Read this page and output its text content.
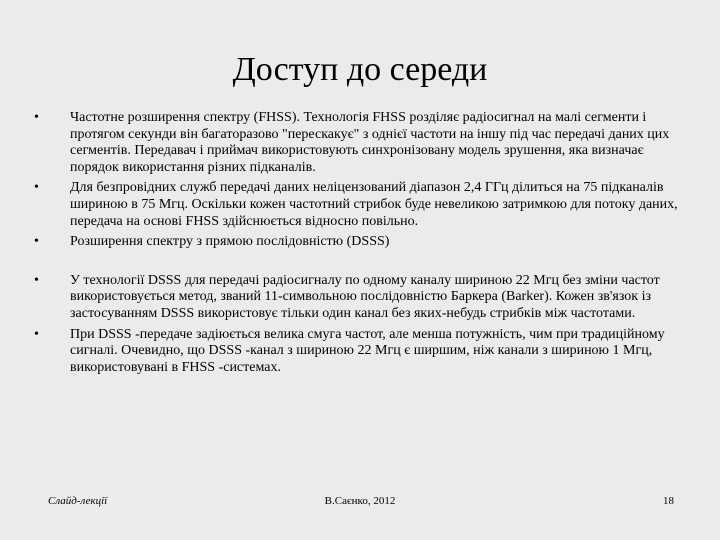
Доступ до середи
•	Частотне розширення спектру (FHSS). Технологія FHSS розділяє радіосигнал на малі сегменти і протягом секунди він багаторазово "перескакує" з однієї частоти на іншу під час передачі даних цих сегментів. Передавач і приймач використовують синхронізовану модель зрушення, яка визначає порядок використання різних підканалів.
•	Для безпровідних служб передачі даних неліцензований діапазон 2,4 ГГц ділиться на 75 підканалів шириною в 75 Мгц. Оскільки кожен частотний стрибок буде невеликою затримкою для потоку даних, передача на основі FHSS здійснюється відносно повільно.
•	Розширення спектру з прямою послідовністю (DSSS)
•	У технології DSSS для передачі радіосигналу по одному каналу шириною 22 Мгц без зміни частот використовується метод, званий 11-символьною послідовністю Баркера (Barker). Кожен зв'язок із застосуванням DSSS використовує тільки один канал без яких-небудь стрибків між частотами.
•	При DSSS -передаче задіюється велика смуга частот, але менша потужність, чим при традиційному сигналі. Очевидно, що DSSS -канал з шириною 22 Мгц є ширшим, ніж канали з шириною 1 Мгц, використовувані в FHSS -системах.
Слайд-лекції	В.Саєнко, 2012	18
